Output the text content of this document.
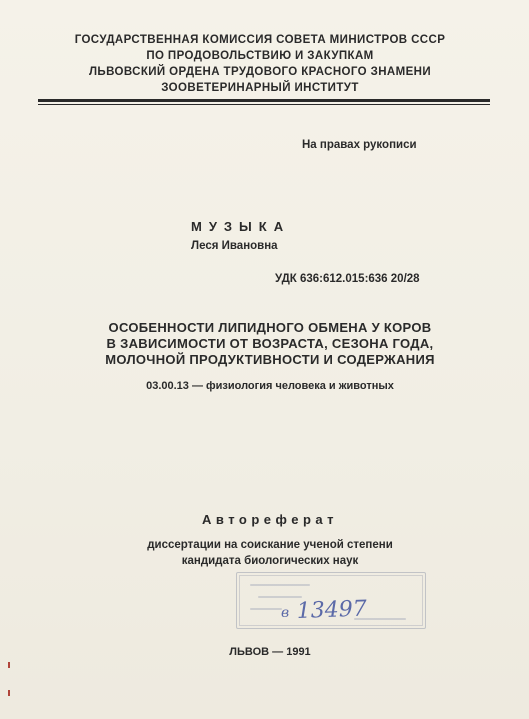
ГОСУДАРСТВЕННАЯ КОМИССИЯ СОВЕТА МИНИСТРОВ СССР
ПО ПРОДОВОЛЬСТВИЮ И ЗАКУПКАМ
ЛЬВОВСКИЙ ОРДЕНА ТРУДОВОГО КРАСНОГО ЗНАМЕНИ
ЗООВЕТЕРИНАРНЫЙ ИНСТИТУТ
На правах рукописи
МУЗЫКА
Леся Ивановна
УДК 636:612.015:636 20/28
ОСОБЕННОСТИ ЛИПИДНОГО ОБМЕНА У КОРОВ
В ЗАВИСИМОСТИ ОТ ВОЗРАСТА, СЕЗОНА ГОДА,
МОЛОЧНОЙ ПРОДУКТИВНОСТИ И СОДЕРЖАНИЯ
03.00.13 — физиология человека и животных
Автореферат
диссертации на соискание ученой степени
кандидата биологических наук
13497
в
ЛЬВОВ — 1991
